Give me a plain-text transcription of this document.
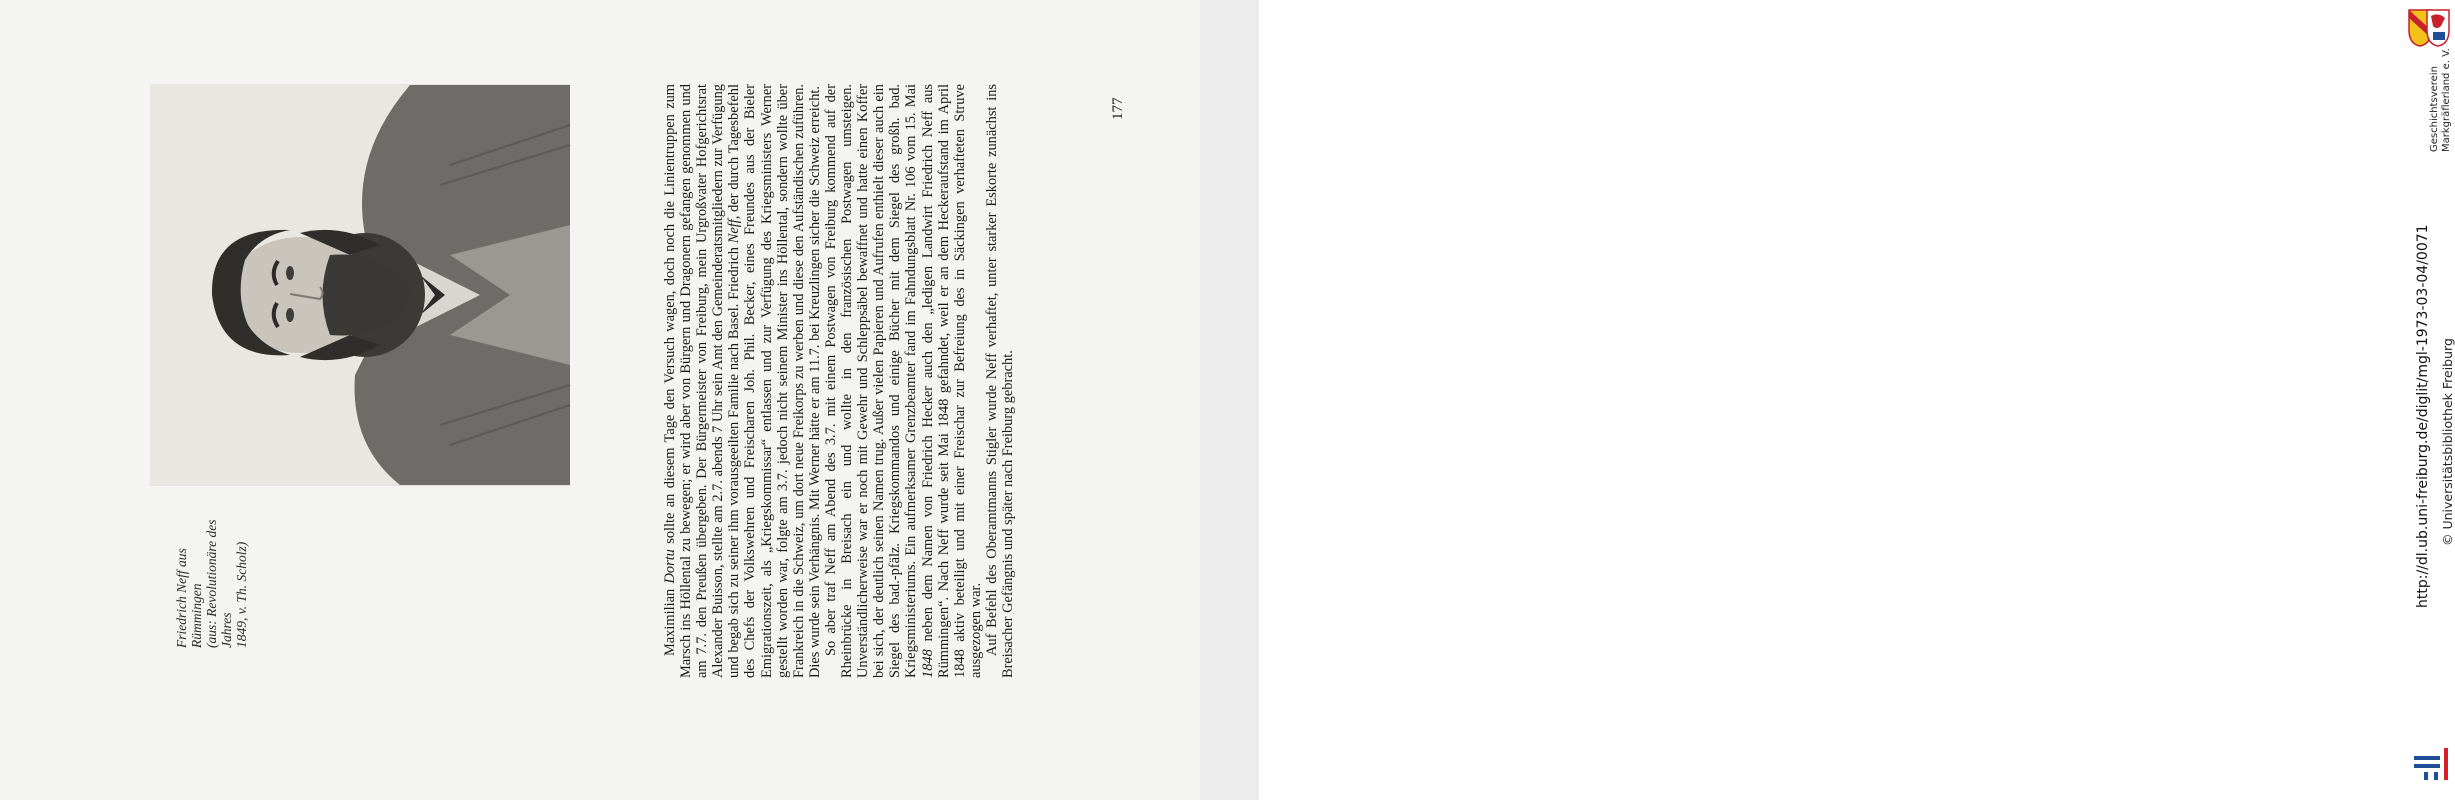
Friedrich Neff aus Rümmingen (aus: Revolutionäre des Jahres 1849, v. Th. Scholz)	Maximilian Dortu sollte an diesem Tage den Versuch wagen, doch noch die Linientruppen zum Marsch ins Höllental zu bewegen; er wird aber von Bürgern und Dragonern gefangen genommen und am 7.7. den Preußen übergeben. Der Bürgermeister von Freiburg, mein Urgroßvater Hofgerichtsrat Alexander Buisson, stellte am 2.7. abends 7 Uhr sein Amt den Gemeinderatsmitgliedern zur Verfügung und begab sich zu seiner ihm vorausgeeilten Familie nach Basel. Friedrich Neff, der durch Tagesbefehl des Chefs der Volkswehren und Freischaren Joh. Phil. Becker, eines Freundes aus der Bieler Emigrationszeit, als „Kriegskommissar“ entlassen und zur Verfügung des Kriegsministers Werner gestellt worden war, folgte am 3.7. jedoch nicht seinem Minister ins Höllental, sondern wollte über Frankreich in die Schweiz, um dort neue Freikorps zu werben und diese den Aufständischen zuführen. Dies wurde sein Verhängnis. Mit Werner hätte er am 11.7. bei Kreuzlingen sicher die Schweiz erreicht. So aber traf Neff am Abend des 3.7. mit einem Postwagen von Freiburg kommend auf der Rheinbrücke in Breisach ein und wollte in den französischen Postwagen umsteigen. Unverständlicherweise war er noch mit Gewehr und Schleppsäbel bewaffnet und hatte einen Koffer bei sich, der deutlich seinen Namen trug. Außer vielen Papieren und Aufrufen enthielt dieser auch ein Siegel des bad.-pfälz. Kriegskommandos und einige Bücher mit dem Siegel des großh. bad. Kriegsministeriums. Ein aufmerksamer Grenzbeamter fand im Fahndungsblatt Nr. 106 vom 15. Mai 1848 neben dem Namen von Friedrich Hecker auch den „ledigen Landwirt Friedrich Neff aus Rümmingen“. Nach Neff wurde seit Mai 1848 gefahndet, weil er an dem Heckeraufstand im April 1848 aktiv beteiligt und mit einer Freischar zur Befreiung des in Säckingen verhafteten Struve ausgezogen war. Auf Befehl des Oberamtmanns Stigler wurde Neff verhaftet, unter starker Eskorte zunächst ins Breisacher Gefängnis und später nach Freiburg gebracht.

177	Geschichtsverein Markgräflerland e. V.
http://dl.ub.uni-freiburg.de/diglit/mgl-1973-03-04/0071 © Universitätsbibliothek Freiburg
